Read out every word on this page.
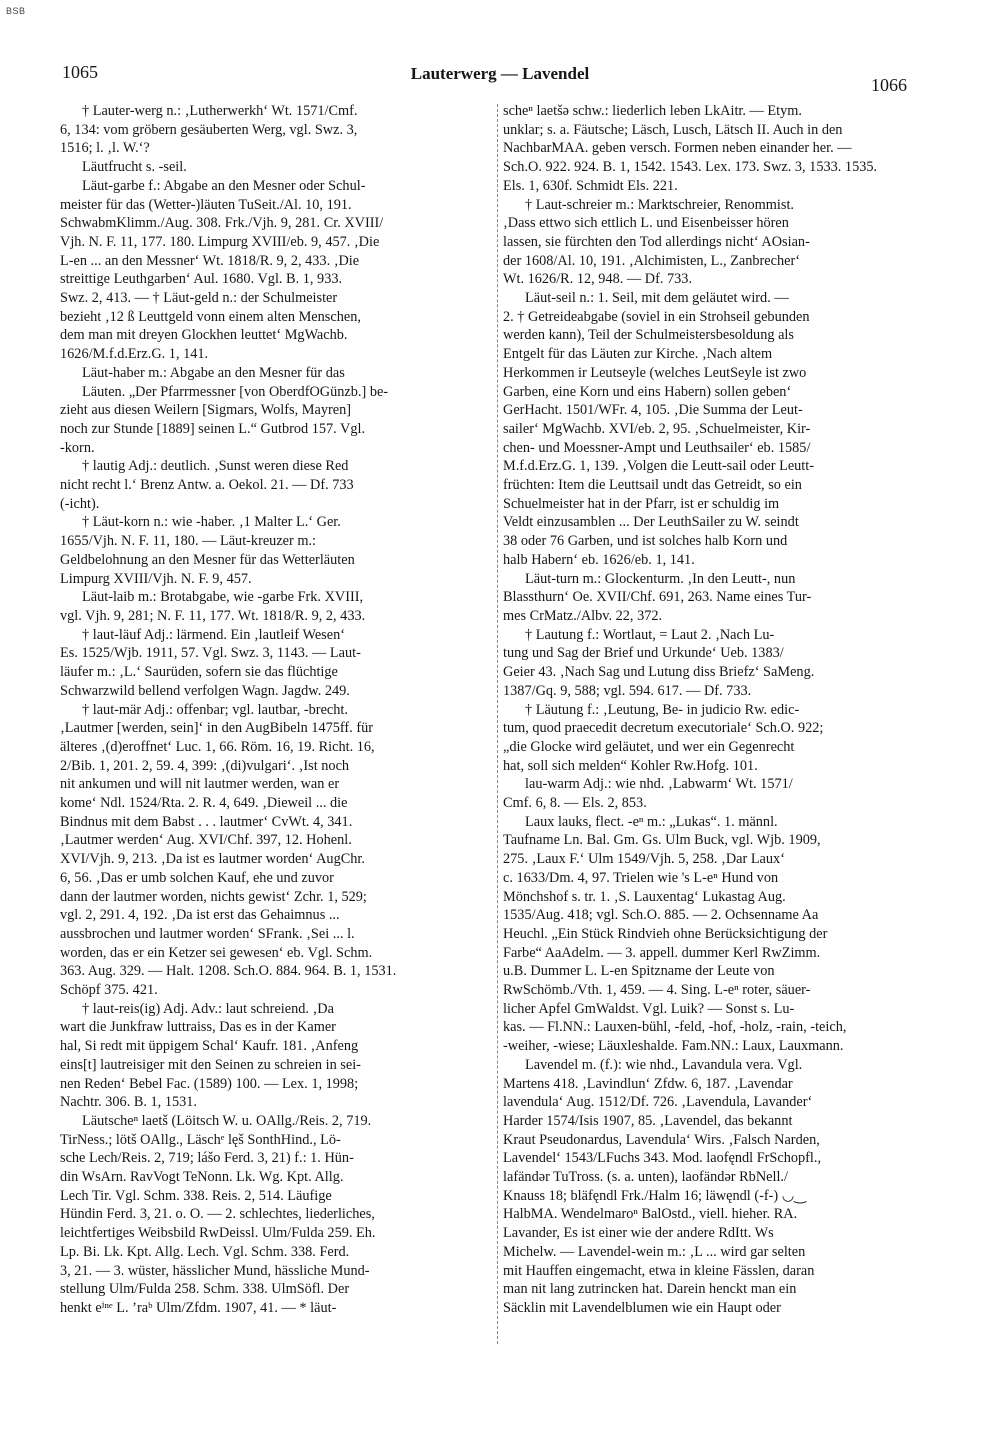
BSB
1065	Lauterwerg — Lavendel
1066
† Lauter-werg n.: ‚Lutherwerkh‘ Wt. 1571/Cmf.
6, 134: vom gröbern gesäuberten Werg, vgl. Swz. 3,
1516; l. ‚l. W.‘?
Läutfrucht s. -seil.
Läut-garbe f.: Abgabe an den Mesner oder Schul-
meister für das (Wetter-)läuten TuSeit./Al. 10, 191.
SchwabmKlimm./Aug. 308. Frk./Vjh. 9, 281. Cr. XVIII/
Vjh. N. F. 11, 177. 180. Limpurg XVIII/eb. 9, 457. ‚Die
L-en ... an den Messner‘ Wt. 1818/R. 9, 2, 433. ‚Die
streittige Leuthgarben‘ Aul. 1680. Vgl. B. 1, 933.
Swz. 2, 413. — † Läut-geld n.: der Schulmeister
bezieht ‚12 ß Leuttgeld vonn einem alten Menschen,
dem man mit dreyen Glockhen leuttet‘ MgWachb.
1626/M.f.d.Erz.G. 1, 141.
Läut-haber m.: Abgabe an den Mesner für das
Läuten. „Der Pfarrmessner [von OberdfOGünzb.] be-
zieht aus diesen Weilern [Sigmars, Wolfs, Mayren]
noch zur Stunde [1889] seinen L.“ Gutbrod 157. Vgl.
-korn.
† lautig Adj.: deutlich. ‚Sunst weren diese Red
nicht recht l.‘ Brenz Antw. a. Oekol. 21. — Df. 733
(-icht).
† Läut-korn n.: wie -haber. ‚1 Malter L.‘ Ger.
1655/Vjh. N. F. 11, 180. — Läut-kreuzer m.:
Geldbelohnung an den Mesner für das Wetterläuten
Limpurg XVIII/Vjh. N. F. 9, 457.
Läut-laib m.: Brotabgabe, wie -garbe Frk. XVIII,
vgl. Vjh. 9, 281; N. F. 11, 177. Wt. 1818/R. 9, 2, 433.
† laut-läuf Adj.: lärmend. Ein ‚lautleif Wesen‘
Es. 1525/Wjb. 1911, 57. Vgl. Swz. 3, 1143. — Laut-
läufer m.: ‚L.‘ Saurüden, sofern sie das flüchtige
Schwarzwild bellend verfolgen Wagn. Jagdw. 249.
† laut-mär Adj.: offenbar; vgl. lautbar, -brecht.
‚Lautmer [werden, sein]‘ in den AugBibeln 1475ff. für
älteres ‚(d)eroffnet‘ Luc. 1, 66. Röm. 16, 19. Richt. 16,
2/Bib. 1, 201. 2, 59. 4, 399: ‚(di)vulgari‘. ‚Ist noch
nit ankumen und will nit lautmer werden, wan er
kome‘ Ndl. 1524/Rta. 2. R. 4, 649. ‚Dieweil ... die
Bindnus mit dem Babst . . . lautmer‘ CvWt. 4, 341.
‚Lautmer werden‘ Aug. XVI/Chf. 397, 12. Hohenl.
XVI/Vjh. 9, 213. ‚Da ist es lautmer worden‘ AugChr.
6, 56. ‚Das er umb solchen Kauf, ehe und zuvor
dann der lautmer worden, nichts gewist‘ Zchr. 1, 529;
vgl. 2, 291. 4, 192. ‚Da ist erst das Gehaimnus ...
aussbrochen und lautmer worden‘ SFrank. ‚Sei ... l.
worden, das er ein Ketzer sei gewesen‘ eb. Vgl. Schm.
363. Aug. 329. — Halt. 1208. Sch.O. 884. 964. B. 1, 1531.
Schöpf 375. 421.
† laut-reis(ig) Adj. Adv.: laut schreiend. ‚Da
wart die Junkfraw luttraiss, Das es in der Kamer
hal, Si redt mit üppigem Schal‘ Kaufr. 181. ‚Anfeng
eins[t] lautreisiger mit den Seinen zu schreien in sei-
nen Reden‘ Bebel Fac. (1589) 100. — Lex. 1, 1998;
Nachtr. 306. B. 1, 1531.
Läutscheⁿ laetš (Löitsch W. u. OAllg./Reis. 2, 719.
TirNess.; lötš OAllg., Läschᵉ lęš SonthHind., Lö-
sche Lech/Reis. 2, 719; lášo Ferd. 3, 21) f.: 1. Hün-
din WsArn. RavVogt TeNonn. Lk. Wg. Kpt. Allg.
Lech Tir. Vgl. Schm. 338. Reis. 2, 514. Läufige
Hündin Ferd. 3, 21. o. O. — 2. schlechtes, liederliches,
leichtfertiges Weibsbild RwDeissl. Ulm/Fulda 259. Eh.
Lp. Bi. Lk. Kpt. Allg. Lech. Vgl. Schm. 338. Ferd.
3, 21. — 3. wüster, hässlicher Mund, hässliche Mund-
stellung Ulm/Fulda 258. Schm. 338. UlmSöfl. Der
henkt eⁱⁿᵉ L. ’raᵇ Ulm/Zfdm. 1907, 41. — * läut-
scheⁿ laetšə schw.: liederlich leben LkAitr. — Etym.
unklar; s. a. Fäutsche; Läsch, Lusch, Lätsch II. Auch in den
NachbarMAA. geben versch. Formen neben einander her. —
Sch.O. 922. 924. B. 1, 1542. 1543. Lex. 173. Swz. 3, 1533. 1535.
Els. 1, 630f. Schmidt Els. 221.
† Laut-schreier m.: Marktschreier, Renommist.
‚Dass ettwo sich ettlich L. und Eisenbeisser hören
lassen, sie fürchten den Tod allerdings nicht‘ AOsian-
der 1608/Al. 10, 191. ‚Alchimisten, L., Zanbrecher‘
Wt. 1626/R. 12, 948. — Df. 733.
Läut-seil n.: 1. Seil, mit dem geläutet wird. —
2. † Getreideabgabe (soviel in ein Strohseil gebunden
werden kann), Teil der Schulmeistersbesoldung als
Entgelt für das Läuten zur Kirche. ‚Nach altem
Herkommen ir Leutseyle (welches LeutSeyle ist zwo
Garben, eine Korn und eins Habern) sollen geben‘
GerHacht. 1501/WFr. 4, 105. ‚Die Summa der Leut-
sailer‘ MgWachb. XVI/eb. 2, 95. ‚Schuelmeister, Kir-
chen- und Moessner-Ampt und Leuthsailer‘ eb. 1585/
M.f.d.Erz.G. 1, 139. ‚Volgen die Leutt-sail oder Leutt-
früchten: Item die Leuttsail undt das Getreidt, so ein
Schuelmeister hat in der Pfarr, ist er schuldig im
Veldt einzusamblen ... Der LeuthSailer zu W. seindt
38 oder 76 Garben, und ist solches halb Korn und
halb Habern‘ eb. 1626/eb. 1, 141.
Läut-turn m.: Glockenturm. ‚In den Leutt-, nun
Blassthurn‘ Oe. XVII/Chf. 691, 263. Name eines Tur-
mes CrMatz./Albv. 22, 372.
† Lautung f.: Wortlaut, = Laut 2. ‚Nach Lu-
tung und Sag der Brief und Urkunde‘ Ueb. 1383/
Geier 43. ‚Nach Sag und Lutung diss Briefz‘ SaMeng.
1387/Gq. 9, 588; vgl. 594. 617. — Df. 733.
† Läutung f.: ‚Leutung, Be- in judicio Rw. edic-
tum, quod praecedit decretum executoriale‘ Sch.O. 922;
„die Glocke wird geläutet, und wer ein Gegenrecht
hat, soll sich melden“ Kohler Rw.Hofg. 101.
lau-warm Adj.: wie nhd. ‚Labwarm‘ Wt. 1571/
Cmf. 6, 8. — Els. 2, 853.
Laux lauks, flect. -eⁿ m.: „Lukas“. 1. männl.
Taufname Ln. Bal. Gm. Gs. Ulm Buck, vgl. Wjb. 1909,
275. ‚Laux F.‘ Ulm 1549/Vjh. 5, 258. ‚Dar Laux‘
c. 1633/Dm. 4, 97. Trielen wie 's L-eⁿ Hund von
Mönchshof s. tr. 1. ‚S. Lauxentag‘ Lukastag Aug.
1535/Aug. 418; vgl. Sch.O. 885. — 2. Ochsenname Aa
Heuchl. „Ein Stück Rindvieh ohne Berücksichtigung der
Farbe“ AaAdelm. — 3. appell. dummer Kerl RwZimm.
u.B. Dummer L. L-en Spitzname der Leute von
RwSchömb./Vth. 1, 459. — 4. Sing. L-eⁿ roter, säuer-
licher Apfel GmWaldst. Vgl. Luik? — Sonst s. Lu-
kas. — Fl.NN.: Lauxen-bühl, -feld, -hof, -holz, -rain, -teich,
-weiher, -wiese; Läuxleshalde. Fam.NN.: Laux, Lauxmann.
Lavendel m. (f.): wie nhd., Lavandula vera. Vgl.
Martens 418. ‚Lavindlun‘ Zfdw. 6, 187. ‚Lavendar
lavendula‘ Aug. 1512/Df. 726. ‚Lavendula, Lavander‘
Harder 1574/Isis 1907, 85. ‚Lavendel, das bekannt
Kraut Pseudonardus, Lavendula‘ Wirs. ‚Falsch Narden,
Lavendel‘ 1543/LFuchs 343. Mod. laofęndl FrSchopfl.,
lafändər TuTross. (s. a. unten), laofändər RbNell./
Knauss 18; bläfęndl Frk./Halm 16; läwęndl (-f-) ◡‿
HalbMA. Wendelmaroⁿ BalOstd., viell. hieher. RA.
Lavander, Es ist einer wie der andere RdItt. Ws
Michelw. — Lavendel-wein m.: ‚L ... wird gar selten
mit Hauffen eingemacht, etwa in kleine Fässlen, daran
man nit lang zutrincken hat. Darein henckt man ein
Säcklin mit Lavendelblumen wie ein Haupt oder
